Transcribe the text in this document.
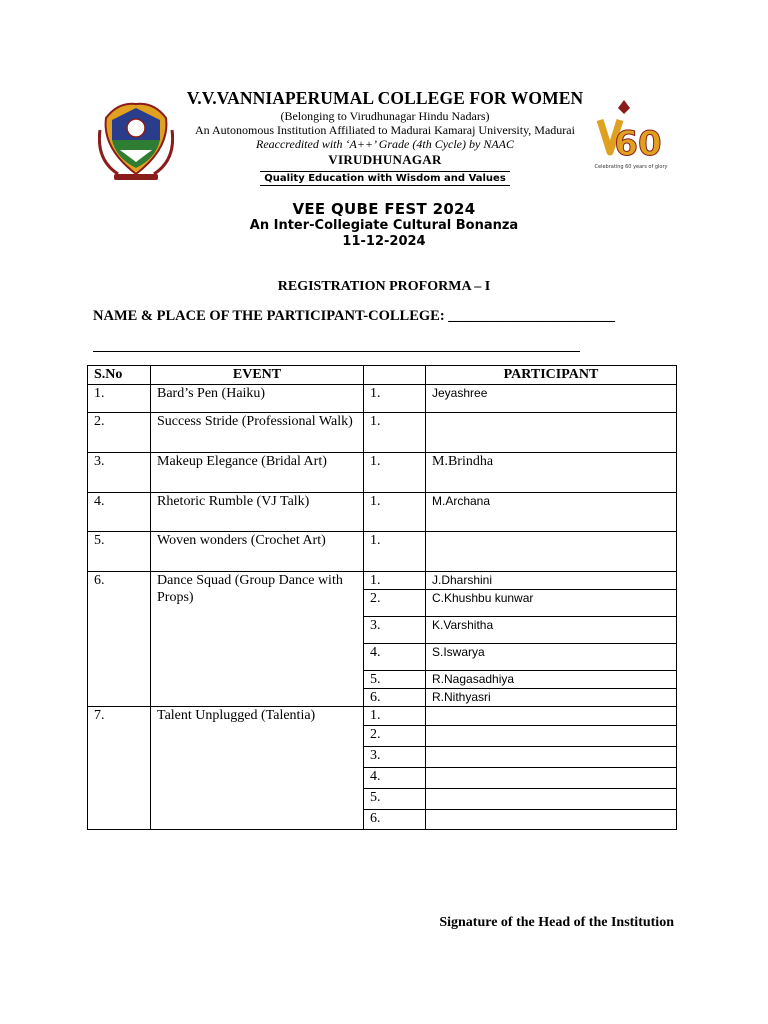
V.V.VANNIAPERUMAL COLLEGE FOR WOMEN
(Belonging to Virudhunagar Hindu Nadars)
An Autonomous Institution Affiliated to Madurai Kamaraj University, Madurai
Reaccredited with ‘A++’ Grade (4th Cycle) by NAAC
VIRUDHUNAGAR
Quality Education with Wisdom and Values
60
Celebrating 60 years of glory
VEE QUBE FEST 2024
An Inter-Collegiate Cultural Bonanza
11-12-2024
REGISTRATION PROFORMA – I
NAME & PLACE OF THE PARTICIPANT-COLLEGE: _______________________
S.No	EVENT		PARTICIPANT
1.	Bard’s Pen (Haiku)	1.	Jeyashree
2.	Success Stride (Professional Walk)	1.	
3.	Makeup Elegance (Bridal Art)	1.	M.Brindha
4.	Rhetoric Rumble (VJ Talk)	1.	M.Archana
5.	Woven wonders (Crochet Art)	1.	
6.	Dance Squad (Group Dance with Props)	1.	J.Dharshini
		2.	C.Khushbu kunwar
		3.	K.Varshitha
		4.	S.Iswarya
		5.	R.Nagasadhiya
		6.	R.Nithyasri
7.	Talent Unplugged (Talentia)	1.	
		2.	
		3.	
		4.	
		5.	
		6.	
Signature of the Head of the Institution
